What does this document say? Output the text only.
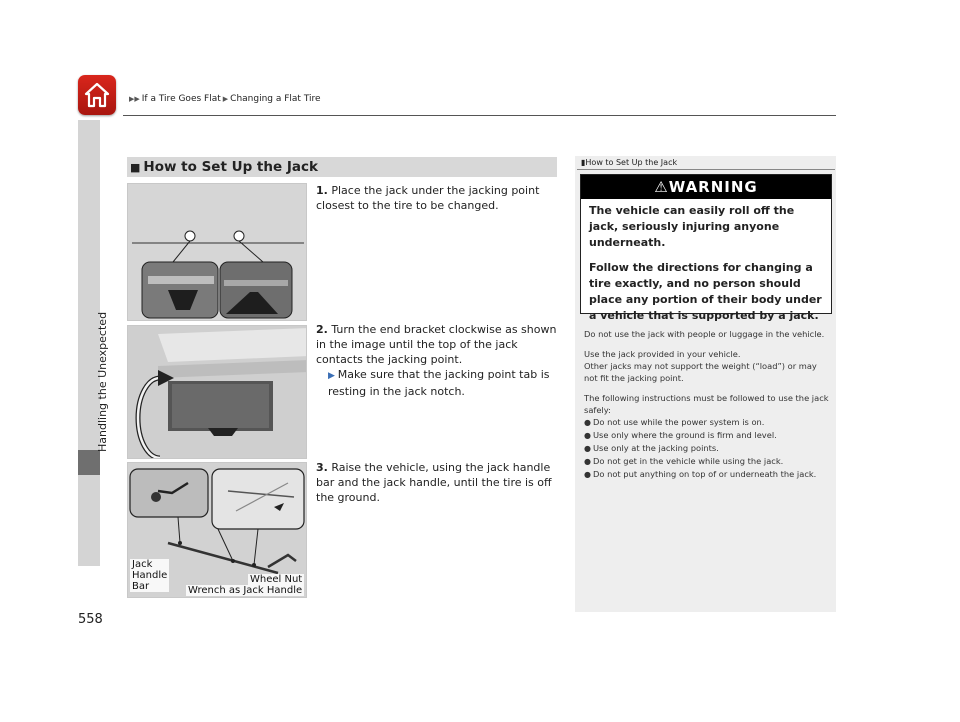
▶▶ If a Tire Goes Flat ▶ Changing a Flat Tire
Handling the Unexpected
558
■ How to Set Up the Jack
Jack
Handle
Bar
Wheel Nut
Wrench as Jack Handle
1. Place the jack under the jacking point closest to the tire to be changed.
2. Turn the end bracket clockwise as shown in the image until the top of the jack contacts the jacking point.
▶ Make sure that the jacking point tab is resting in the jack notch.
3. Raise the vehicle, using the jack handle bar and the jack handle, until the tire is off the ground.
▮How to Set Up the Jack
⚠WARNING

The vehicle can easily roll off the jack, seriously injuring anyone underneath.

Follow the directions for changing a tire exactly, and no person should place any portion of their body under a vehicle that is supported by a jack.

Do not use the jack with people or luggage in the vehicle.

Use the jack provided in your vehicle.
Other jacks may not support the weight (“load”) or may not fit the jacking point.

The following instructions must be followed to use the jack safely:

● Do not use while the power system is on.
● Use only where the ground is firm and level.
● Use only at the jacking points.
● Do not get in the vehicle while using the jack.
● Do not put anything on top of or underneath the jack.
